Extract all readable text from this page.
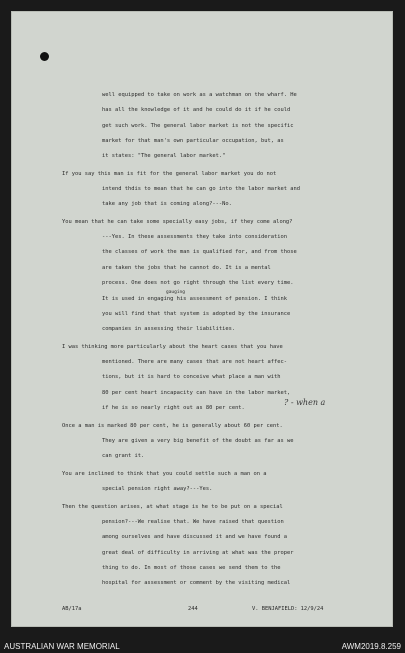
well equipped to take on work as a watchman on the wharf. He
has all the knowledge of it and he could do it if he could
get such work. The general labor market is not the specific
market for that man's own particular occupation, but, as
it states: "The general labor market."
If you say this man is fit for the general labor market you do not
intend thdis to mean that he can go into the labor market and
take any job that is coming along?---No.
You mean that he can take some specially easy jobs, if they come along?
---Yes. In these assessments they take into consideration
the classes of work the man is qualified for, and from those
are taken the jobs that he cannot do. It is a mental
process. One does not go right through the list every time.
gauging
It is used in engaging his assessment of pension. I think
you will find that that system is adopted by the insurance
companies in assessing their liabilities.
I was thinking more particularly about the heart cases that you have
mentioned. There are many cases that are not heart affec-
tions, but it is hard to conceive what place a man with
80 per cent heart incapacity can have in the labor market,
if he is so nearly right out as 80 per cent.
? - when a
Once a man is marked 80 per cent, he is generally about 60 per cent.
They are given a very big benefit of the doubt as far as we
can grant it.
You are inclined to think that you could settle such a man on a
special pension right away?---Yes.
Then the question arises, at what stage is he to be put on a special
pension?---We realise that. We have raised that question
among ourselves and have discussed it and we have found a
great deal of difficulty in arriving at what was the proper
thing to do. In most of those cases we send them to the
hospital for assessment or comment by the visiting medical
AB/17a	244	V. BENJAFIELD: 12/9/24
AUSTRALIAN WAR MEMORIAL	AWM2019.8.259
